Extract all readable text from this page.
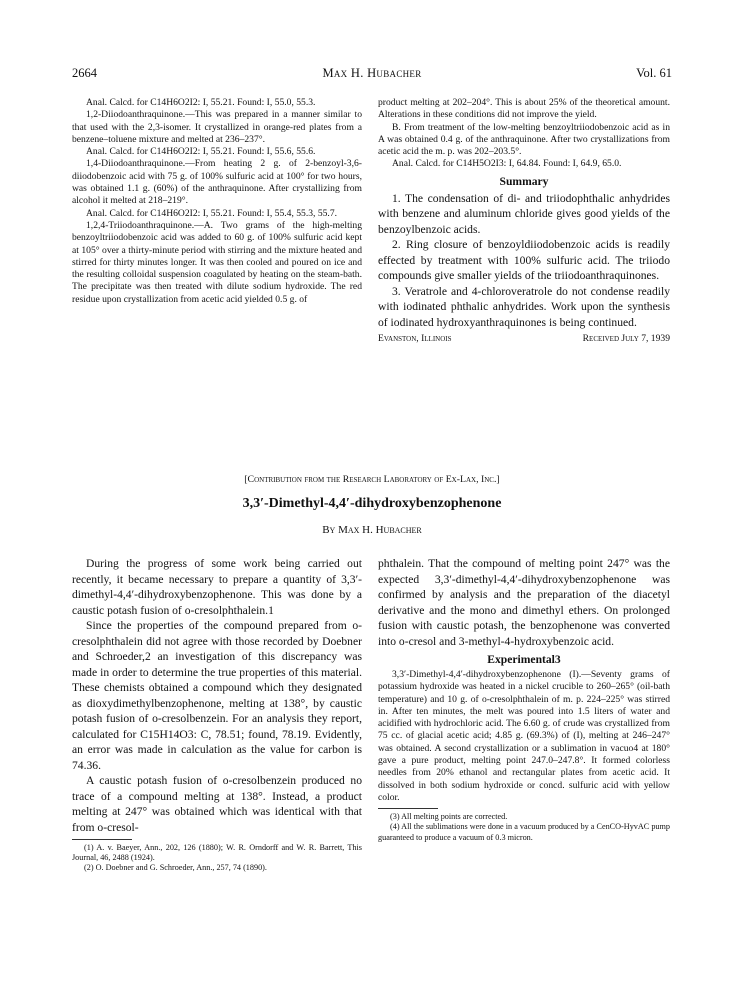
2664	Max H. Hubacher	Vol. 61

Anal. Calcd. for C14H6O2I2: I, 55.21. Found: I, 55.0, 55.3.

1,2-Diiodoanthraquinone.—This was prepared in a manner similar to that used with the 2,3-isomer. It crystallized in orange-red plates from a benzene–toluene mixture and melted at 236–237°.

Anal. Calcd. for C14H6O2I2: I, 55.21. Found: I, 55.6, 55.6.

1,4-Diiodoanthraquinone.—From heating 2 g. of 2-benzoyl-3,6-diiodobenzoic acid with 75 g. of 100% sulfuric acid at 100° for two hours, was obtained 1.1 g. (60%) of the anthraquinone. After crystallizing from alcohol it melted at 218–219°.

Anal. Calcd. for C14H6O2I2: I, 55.21. Found: I, 55.4, 55.3, 55.7.

1,2,4-Triiodoanthraquinone.—A. Two grams of the high-melting benzoyltriiodobenzoic acid was added to 60 g. of 100% sulfuric acid kept at 105° over a thirty-minute period with stirring and the mixture heated and stirred for thirty minutes longer. It was then cooled and poured on ice and the resulting colloidal suspension coagulated by heating on the steam-bath. The precipitate was then treated with dilute sodium hydroxide. The red residue upon crystallization from acetic acid yielded 0.5 g. of

product melting at 202–204°. This is about 25% of the theoretical amount. Alterations in these conditions did not improve the yield.

B. From treatment of the low-melting benzoyltriiodobenzoic acid as in A was obtained 0.4 g. of the anthraquinone. After two crystallizations from acetic acid the m. p. was 202–203.5°.

Anal. Calcd. for C14H5O2I3: I, 64.84. Found: I, 64.9, 65.0.

Summary

1. The condensation of di- and triiodophthalic anhydrides with benzene and aluminum chloride gives good yields of the benzoylbenzoic acids.

2. Ring closure of benzoyldiiodobenzoic acids is readily effected by treatment with 100% sulfuric acid. The triiodo compounds give smaller yields of the triiodoanthraquinones.

3. Veratrole and 4-chloroveratrole do not condense readily with iodinated phthalic anhydrides. Work upon the synthesis of iodinated hydroxyanthraquinones is being continued.

Evanston, Illinois	Received July 7, 1939
[Contribution from the Research Laboratory of Ex-Lax, Inc.]
3,3′-Dimethyl-4,4′-dihydroxybenzophenone
By Max H. Hubacher

During the progress of some work being carried out recently, it became necessary to prepare a quantity of 3,3′-dimethyl-4,4′-dihydroxybenzophenone. This was done by a caustic potash fusion of o-cresolphthalein.1

Since the properties of the compound prepared from o-cresolphthalein did not agree with those recorded by Doebner and Schroeder,2 an investigation of this discrepancy was made in order to determine the true properties of this material. These chemists obtained a compound which they designated as dioxydimethylbenzophenone, melting at 138°, by caustic potash fusion of o-cresolbenzein. For an analysis they report, calculated for C15H14O3: C, 78.51; found, 78.19. Evidently, an error was made in calculation as the value for carbon is 74.36.

A caustic potash fusion of o-cresolbenzein produced no trace of a compound melting at 138°. Instead, a product melting at 247° was obtained which was identical with that from o-cresol-

(1) A. v. Baeyer, Ann., 202, 126 (1880); W. R. Orndorff and W. R. Barrett, This Journal, 46, 2488 (1924).

(2) O. Doebner and G. Schroeder, Ann., 257, 74 (1890).

phthalein. That the compound of melting point 247° was the expected 3,3′-dimethyl-4,4′-dihydroxybenzophenone was confirmed by analysis and the preparation of the diacetyl derivative and the mono and dimethyl ethers. On prolonged fusion with caustic potash, the benzophenone was converted into o-cresol and 3-methyl-4-hydroxybenzoic acid.

Experimental3

3,3′-Dimethyl-4,4′-dihydroxybenzophenone (I).—Seventy grams of potassium hydroxide was heated in a nickel crucible to 260–265° (oil-bath temperature) and 10 g. of o-cresolphthalein of m. p. 224–225° was stirred in. After ten minutes, the melt was poured into 1.5 liters of water and acidified with hydrochloric acid. The 6.60 g. of crude was crystallized from 75 cc. of glacial acetic acid; 4.85 g. (69.3%) of (I), melting at 246–247° was obtained. A second crystallization or a sublimation in vacuo4 at 180° gave a pure product, melting point 247.0–247.8°. It formed colorless needles from 20% ethanol and rectangular plates from acetic acid. It dissolved in both sodium hydroxide or concd. sulfuric acid with yellow color.

(3) All melting points are corrected.

(4) All the sublimations were done in a vacuum produced by a CenCO-HyvAC pump guaranteed to produce a vacuum of 0.3 micron.
